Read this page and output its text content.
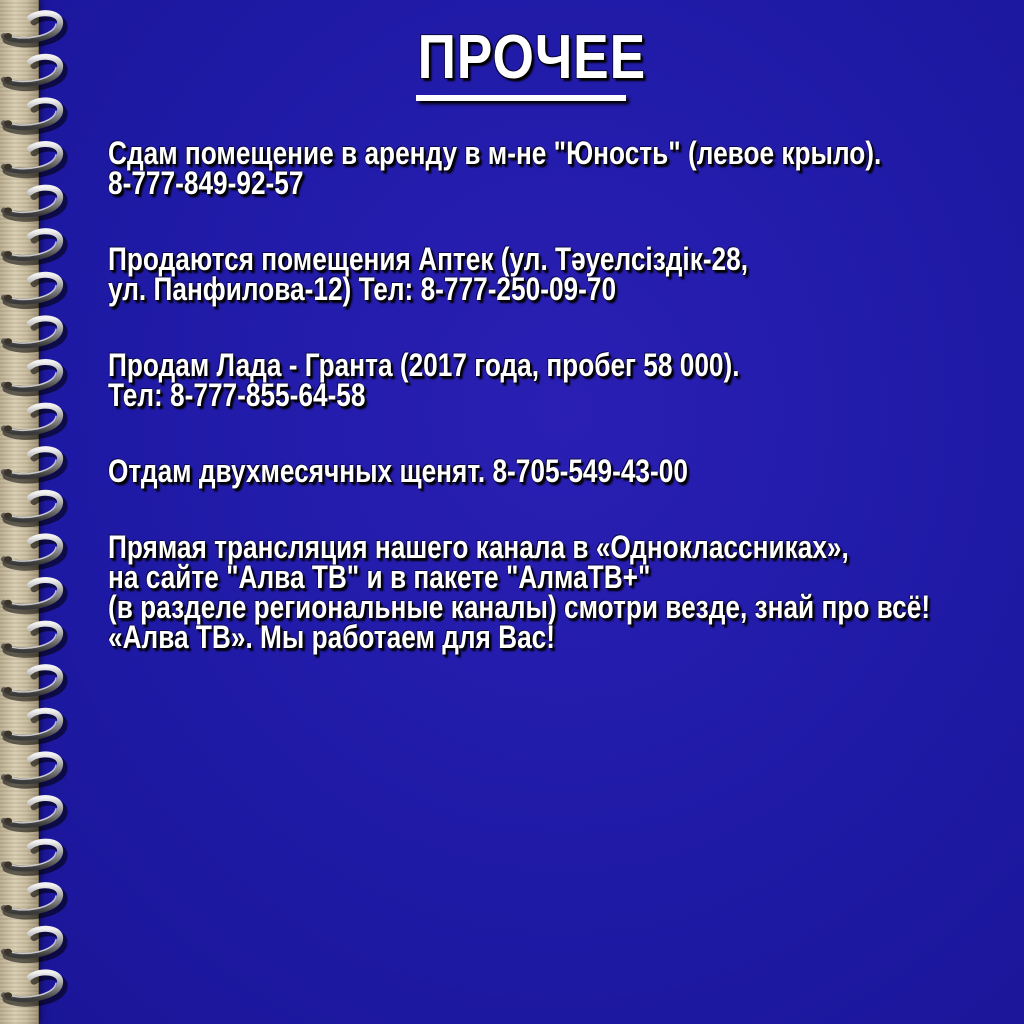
ПРОЧЕЕ
Сдам помещение в аренду в м-не "Юность" (левое крыло).
8-777-849-92-57
Продаются помещения Аптек (ул. Тәуелсіздік-28,
ул. Панфилова-12) Тел: 8-777-250-09-70
Продам Лада - Гранта (2017 года, пробег 58 000).
Тел: 8-777-855-64-58
Отдам двухмесячных щенят. 8-705-549-43-00
Прямая трансляция нашего канала в «Одноклассниках»,
на сайте "Алва ТВ" и в пакете "АлмаТВ+"
(в разделе региональные каналы) смотри везде, знай про всё!
«Алва ТВ». Мы работаем для Вас!
